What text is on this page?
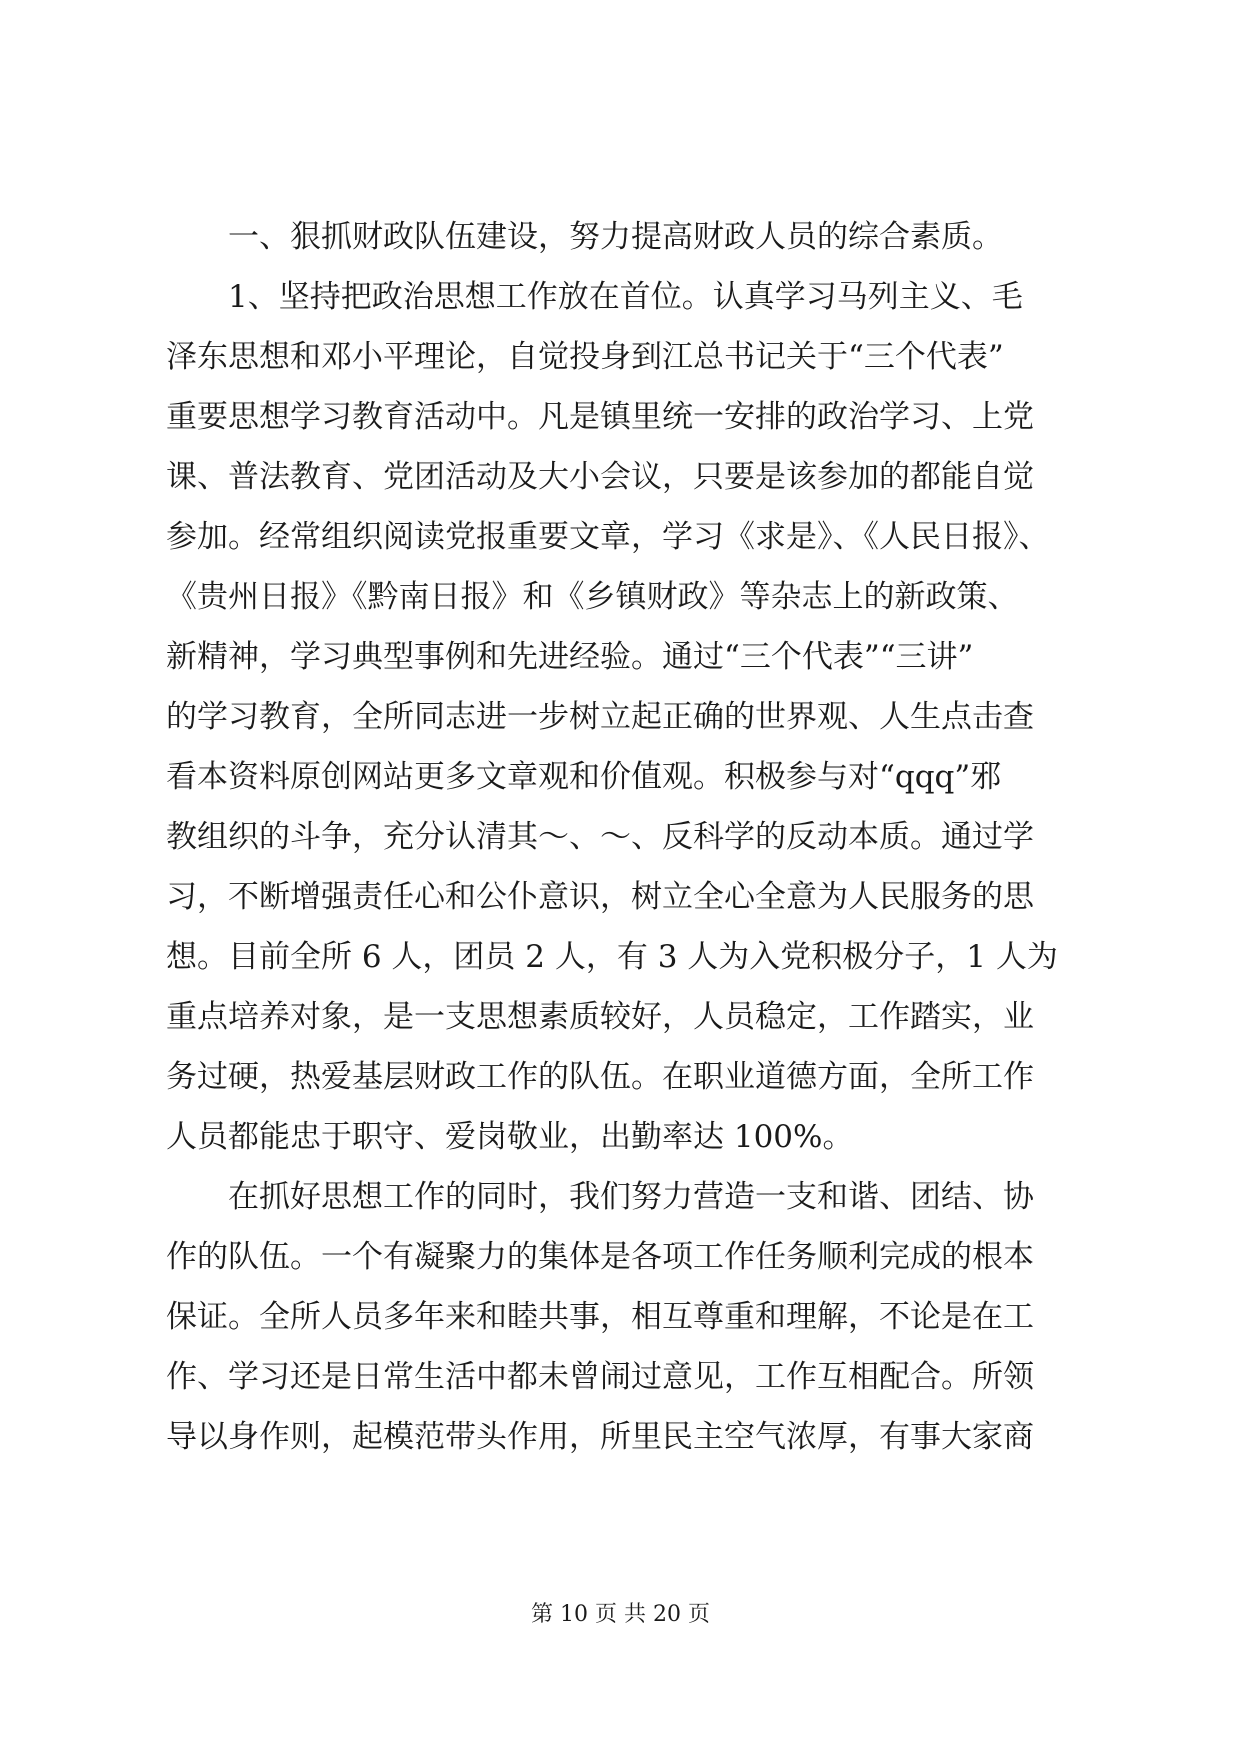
　　一、狠抓财政队伍建设，努力提高财政人员的综合素质。
　　1、坚持把政治思想工作放在首位。认真学习马列主义、毛
泽东思想和邓小平理论，自觉投身到江总书记关于“三个代表”
重要思想学习教育活动中。凡是镇里统一安排的政治学习、上党
课、普法教育、党团活动及大小会议，只要是该参加的都能自觉
参加。经常组织阅读党报重要文章，学习《求是》、《人民日报》、
《贵州日报》《黔南日报》和《乡镇财政》等杂志上的新政策、
新精神，学习典型事例和先进经验。通过“三个代表”“三讲”
的学习教育，全所同志进一步树立起正确的世界观、人生点击查
看本资料原创网站更多文章观和价值观。积极参与对“qqq”邪
教组织的斗争，充分认清其～、～、反科学的反动本质。通过学
习，不断增强责任心和公仆意识，树立全心全意为人民服务的思
想。目前全所 6 人，团员 2 人，有 3 人为入党积极分子，1 人为
重点培养对象，是一支思想素质较好，人员稳定，工作踏实，业
务过硬，热爱基层财政工作的队伍。在职业道德方面，全所工作
人员都能忠于职守、爱岗敬业，出勤率达 100%。
　　在抓好思想工作的同时，我们努力营造一支和谐、团结、协
作的队伍。一个有凝聚力的集体是各项工作任务顺利完成的根本
保证。全所人员多年来和睦共事，相互尊重和理解，不论是在工
作、学习还是日常生活中都未曾闹过意见，工作互相配合。所领
导以身作则，起模范带头作用，所里民主空气浓厚，有事大家商
第 10 页 共 20 页
